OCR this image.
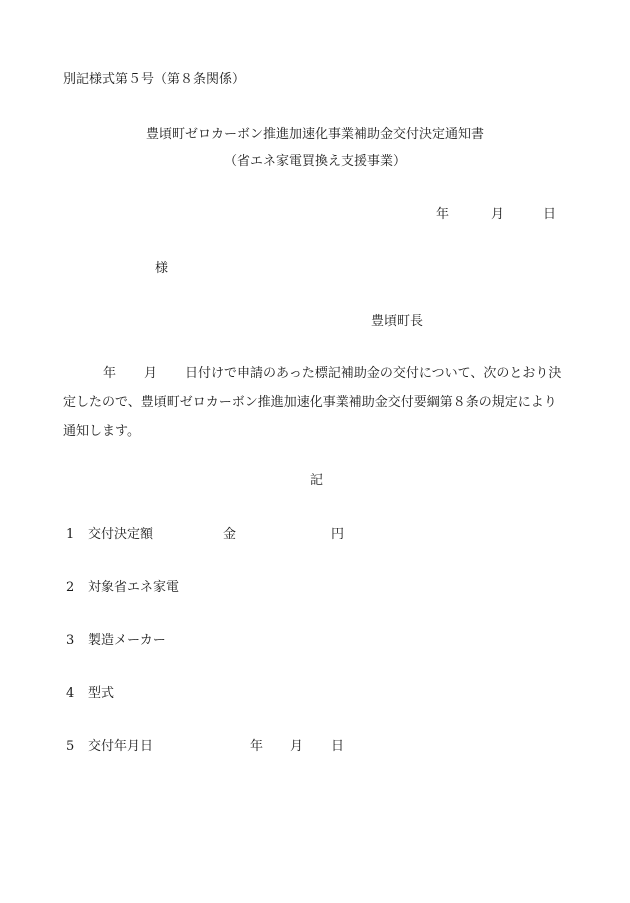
別記様式第５号（第８条関係）
豊頃町ゼロカーボン推進加速化事業補助金交付決定通知書
（省エネ家電買換え支援事業）
年	月	日
様
豊頃町長
年 月 日付けで申請のあった標記補助金の交付について、次のとおり決
定したので、豊頃町ゼロカーボン推進加速化事業補助金交付要綱第８条の規定により
通知します。
記
1 交付決定額	金	円
2 対象省エネ家電
3 製造メーカー
4 型式
5 交付年月日	年 月 日
